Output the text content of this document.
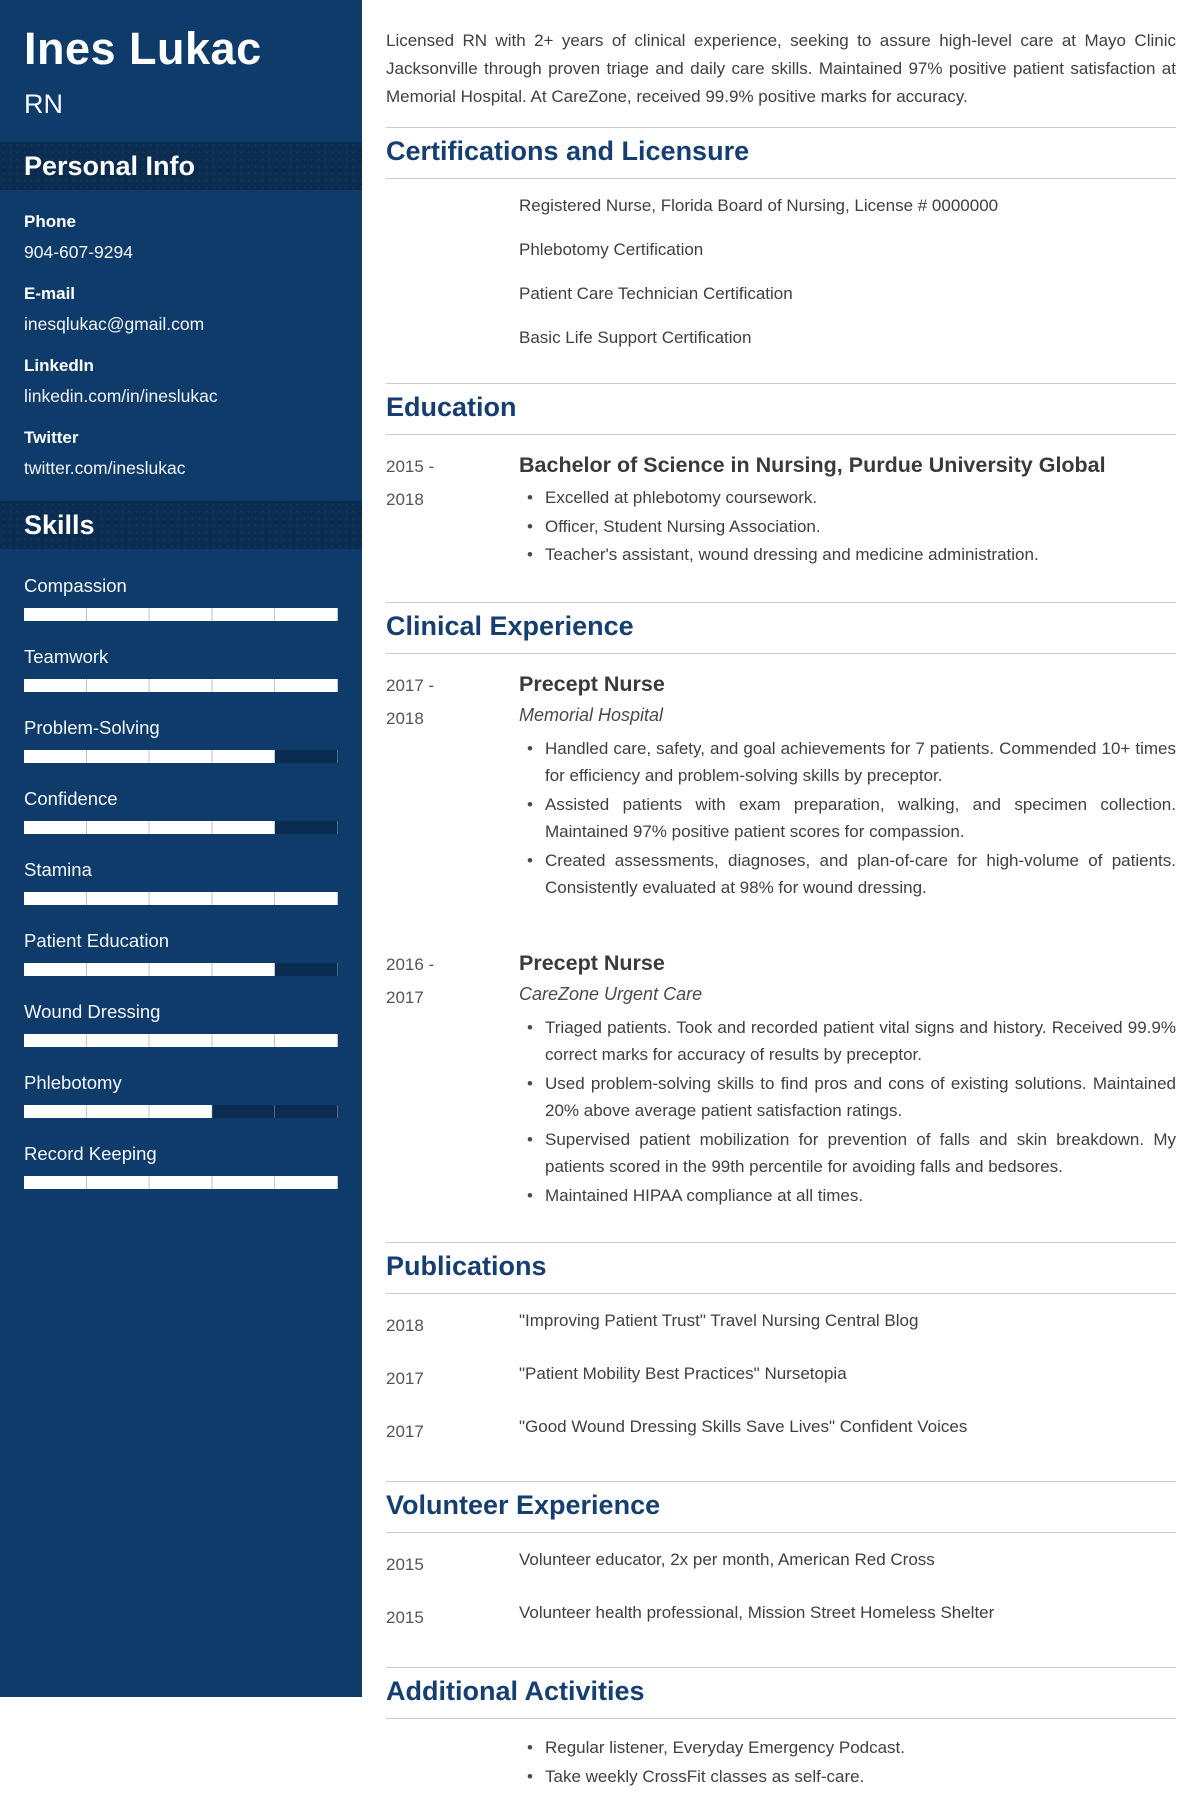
Ines Lukac
RN
Personal Info
Phone
904-607-9294
E-mail
inesqlukac@gmail.com
LinkedIn
linkedin.com/in/ineslukac
Twitter
twitter.com/ineslukac
Skills
Compassion
Teamwork
Problem-Solving
Confidence
Stamina
Patient Education
Wound Dressing
Phlebotomy
Record Keeping

Licensed RN with 2+ years of clinical experience, seeking to assure high-level care at Mayo Clinic Jacksonville through proven triage and daily care skills. Maintained 97% positive patient satisfaction at Memorial Hospital. At CareZone, received 99.9% positive marks for accuracy.

Certifications and Licensure
Registered Nurse, Florida Board of Nursing, License # 0000000
Phlebotomy Certification
Patient Care Technician Certification
Basic Life Support Certification
Education
2015 -
2018
Bachelor of Science in Nursing, Purdue University Global
• Excelled at phlebotomy coursework.
• Officer, Student Nursing Association.
• Teacher's assistant, wound dressing and medicine administration.
Clinical Experience
2017 -
2018
Precept Nurse
Memorial Hospital
• Handled care, safety, and goal achievements for 7 patients. Commended 10+ times for efficiency and problem-solving skills by preceptor.
• Assisted patients with exam preparation, walking, and specimen collection. Maintained 97% positive patient scores for compassion.
• Created assessments, diagnoses, and plan-of-care for high-volume of patients. Consistently evaluated at 98% for wound dressing.
2016 -
2017
Precept Nurse
CareZone Urgent Care
• Triaged patients. Took and recorded patient vital signs and history. Received 99.9% correct marks for accuracy of results by preceptor.
• Used problem-solving skills to find pros and cons of existing solutions. Maintained 20% above average patient satisfaction ratings.
• Supervised patient mobilization for prevention of falls and skin breakdown. My patients scored in the 99th percentile for avoiding falls and bedsores.
• Maintained HIPAA compliance at all times.
Publications
2018	"Improving Patient Trust" Travel Nursing Central Blog
2017	"Patient Mobility Best Practices" Nursetopia
2017	"Good Wound Dressing Skills Save Lives" Confident Voices
Volunteer Experience
2015	Volunteer educator, 2x per month, American Red Cross
2015	Volunteer health professional, Mission Street Homeless Shelter
Additional Activities
• Regular listener, Everyday Emergency Podcast.
• Take weekly CrossFit classes as self-care.
